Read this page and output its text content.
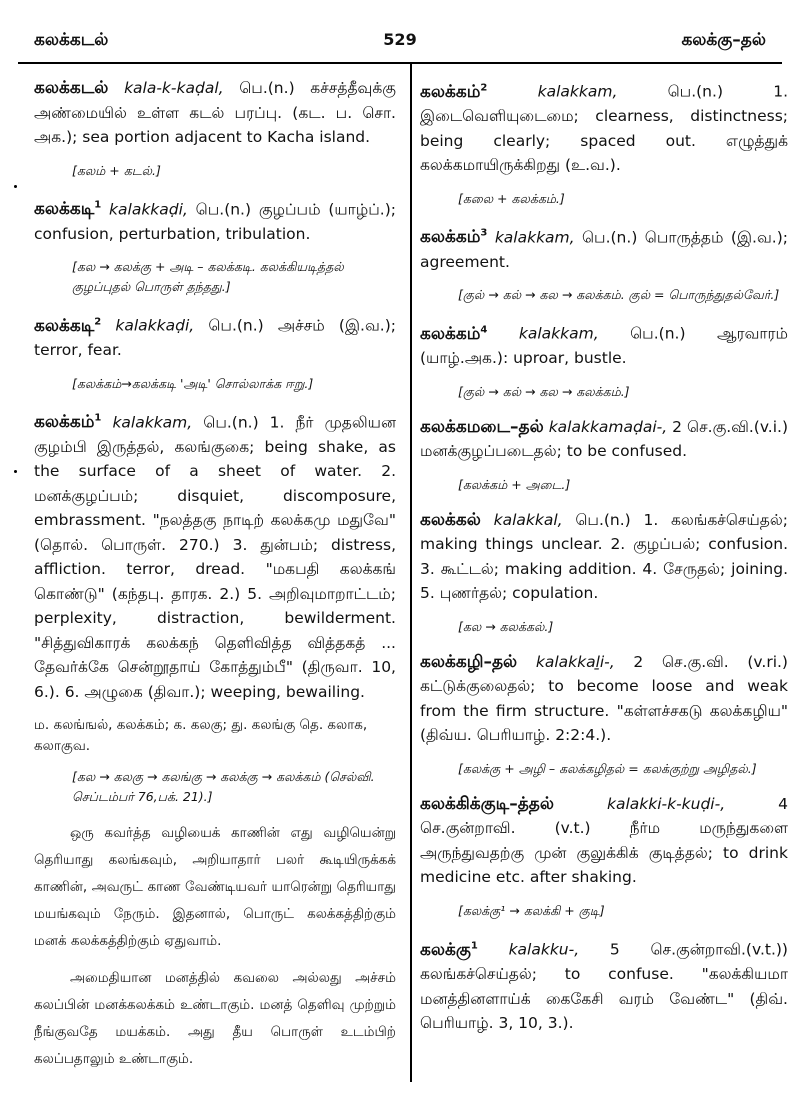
கலக்கடல்	529	கலக்கு–தல்

கலக்கடல் kala-k-kaḍal, பெ.(n.) கச்சத்தீவுக்கு அண்மையில் உள்ள கடல் பரப்பு. (கட. ப. சொ. அக.); sea portion adjacent to Kacha island.

[கலம் + கடல்.]

கலக்கடி$^1$ kalakkaḍi, பெ.(n.) குழப்பம் (யாழ்ப்.); confusion, perturbation, tribulation.

[கல → கலக்கு + அடி – கலக்கடி. கலக்கியடித்தல் குழப்புதல் பொருள் தந்தது.]

கலக்கடி$^2$ kalakkaḍi, பெ.(n.) அச்சம் (இ.வ.); terror, fear.

[கலக்கம்→கலக்கடி 'அடி' சொல்லாக்க ஈறு.]

கலக்கம்$^1$ kalakkam, பெ.(n.) 1. நீர் முதலியன குழம்பி இருத்தல், கலங்குகை; being shake, as the surface of a sheet of water. 2. மனக்குழப்பம்; disquiet, discomposure, embrassment. "நலத்தகு நாடிற் கலக்கமு மதுவே" (தொல். பொருள். 270.) 3. துன்பம்; distress, affliction. terror, dread. "மகபதி கலக்கங் கொண்டு" (கந்தபு. தாரக. 2.) 5. அறிவுமாறாட்டம்; perplexity, distraction, bewilderment. "சித்துவிகாரக் கலக்கந் தெளிவித்த வித்தகத் ... தேவர்க்கே சென்றூதாய் கோத்தும்பீ" (திருவா. 10, 6.). 6. அழுகை (திவா.); weeping, bewailing.

ம. கலங்ஙல், கலக்கம்; க. கலகு; து. கலங்கு தெ. கலாக, கலாகுவ.

[கல → கலகு → கலங்கு → கலக்கு → கலக்கம் (செல்வி. செப்டம்பர் 76,பக். 21).]

ஒரு கவர்த்த வழியைக் காணின் எது வழியென்று தெரியாது கலங்கவும், அறியாதார் பலர் கூடியிருக்கக் காணின், அவருட் காண வேண்டியவர் யாரென்று தெரியாது மயங்கவும் நேரும். இதனால், பொருட் கலக்கத்திற்கும் மனக் கலக்கத்திற்கும் ஏதுவாம்.

அமைதியான மனத்தில் கவலை அல்லது அச்சம் கலப்பின் மனக்கலக்கம் உண்டாகும். மனத் தெளிவு முற்றும் நீங்குவதே மயக்கம். அது தீய பொருள் உடம்பிற் கலப்பதாலும் உண்டாகும்.

கலக்கம்$^2$	kalakkam, பெ.(n.) 1. இடைவெளியுடைமை; clearness, distinctness; being clearly; spaced out. எழுத்துக் கலக்கமாயிருக்கிறது (உ.வ.).

[கலை + கலக்கம்.]

கலக்கம்$^3$ kalakkam, பெ.(n.) பொருத்தம் (இ.வ.); agreement.

[குல் → கல் → கல → கலக்கம். குல் = பொருந்துதல்வேர்.]

கலக்கம்$^4$ kalakkam, பெ.(n.) ஆரவாரம் (யாழ்.அக.): uproar, bustle.

[குல் → கல் → கல → கலக்கம்.]

கலக்கமடை–தல் kalakkamaḍai-, 2 செ.கு.வி.(v.i.) மனக்குழப்படைதல்; to be confused.

[கலக்கம் + அடை.]

கலக்கல் kalakkal, பெ.(n.) 1. கலங்கச்செய்தல்; making things unclear. 2. குழப்பல்; confusion. 3. கூட்டல்; making addition. 4. சேருதல்; joining. 5. புணர்தல்; copulation.

[கல → கலக்கல்.]

கலக்கழி–தல் kalakkaḻi-, 2 செ.கு.வி. (v.ri.) கட்டுக்குலைதல்; to become loose and weak from the firm structure. "கள்ளச்சகடு கலக்கழிய" (திவ்ய. பெரியாழ். 2:2:4.).

[கலக்கு + அழி – கலக்கழிதல் = கலக்குற்று அழிதல்.]

கலக்கிக்குடி–த்தல்	kalakki-k-kuḍi-, 4 செ.குன்றாவி. (v.t.) நீர்ம மருந்துகளை அருந்துவதற்கு முன் குலுக்கிக் குடித்தல்; to drink medicine etc. after shaking.

[கலக்கு¹ → கலக்கி + குடி]

கலக்கு$^1$ kalakku-, 5 செ.குன்றாவி.(v.t.)) கலங்கச்செய்தல்; to confuse. "கலக்கியமா மனத்தினளாய்க் கைகேசி வரம் வேண்ட" (திவ். பெரியாழ். 3, 10, 3.).
